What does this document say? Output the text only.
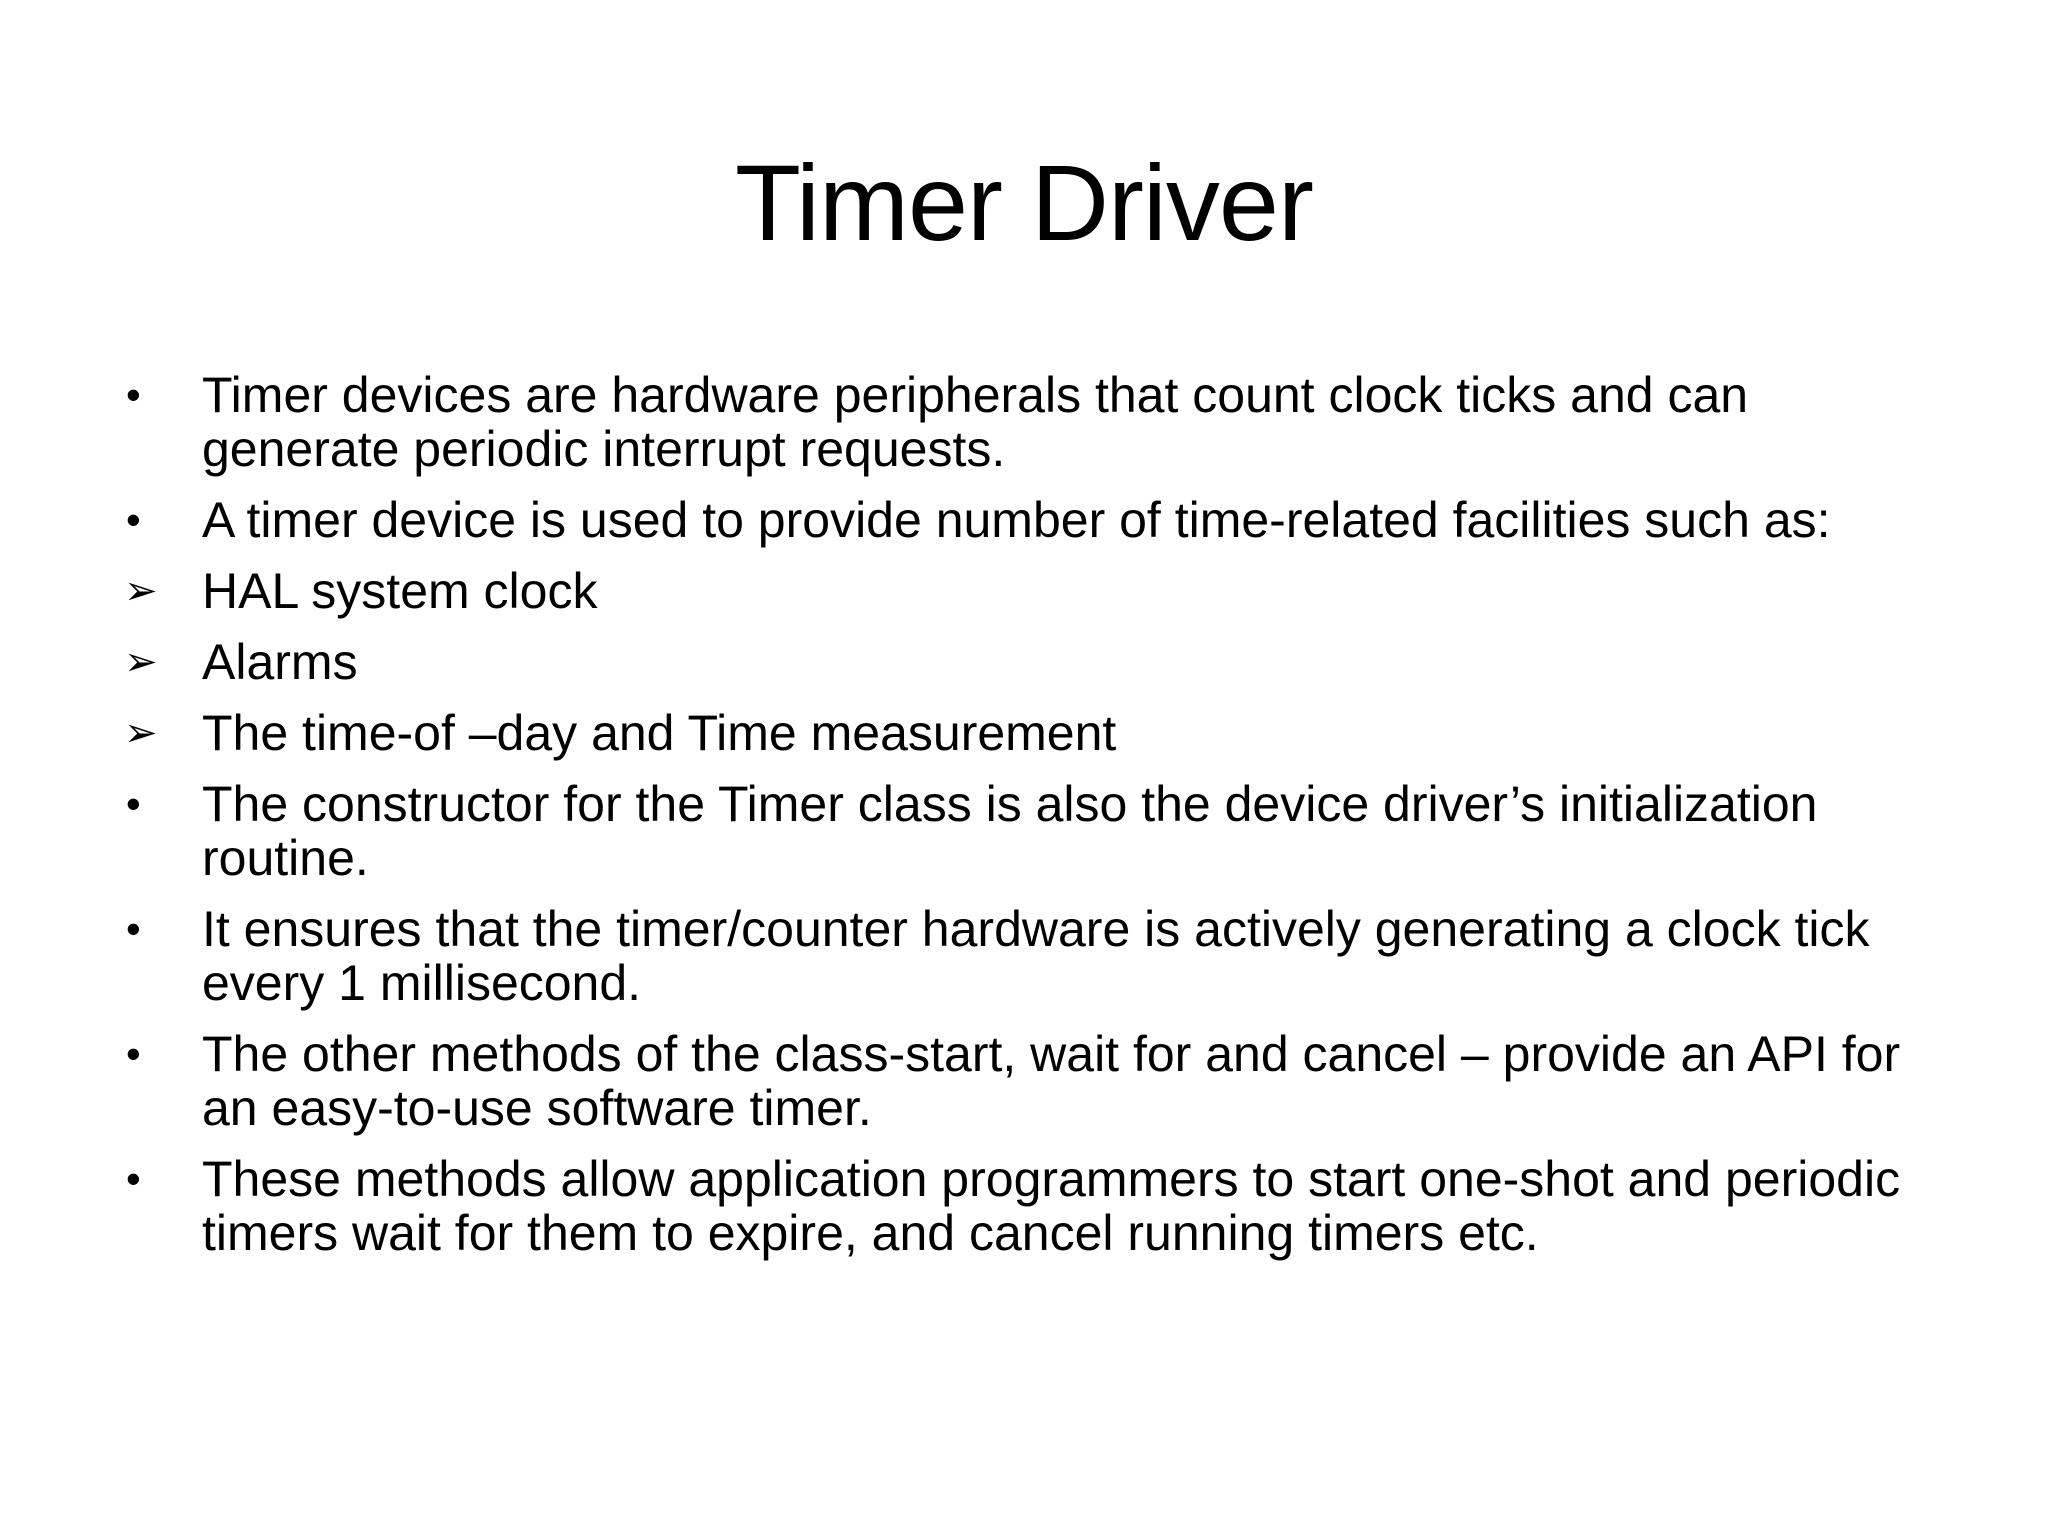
Timer Driver
•	Timer devices are hardware peripherals that count clock ticks and can generate periodic interrupt requests.
•	A timer device is used to provide number of time-related facilities such as:
➢ HAL system clock
➢ Alarms
➢ The time-of –day and Time measurement
•	The constructor for the Timer class is also the device driver’s initialization routine.
•	It ensures that the timer/counter hardware is actively generating a clock tick every 1 millisecond.
•	The other methods of the class-start, wait for and cancel – provide an API for an easy-to-use software timer.
•	These methods allow application programmers to start one-shot and periodic timers wait for them to expire, and cancel running timers etc.
